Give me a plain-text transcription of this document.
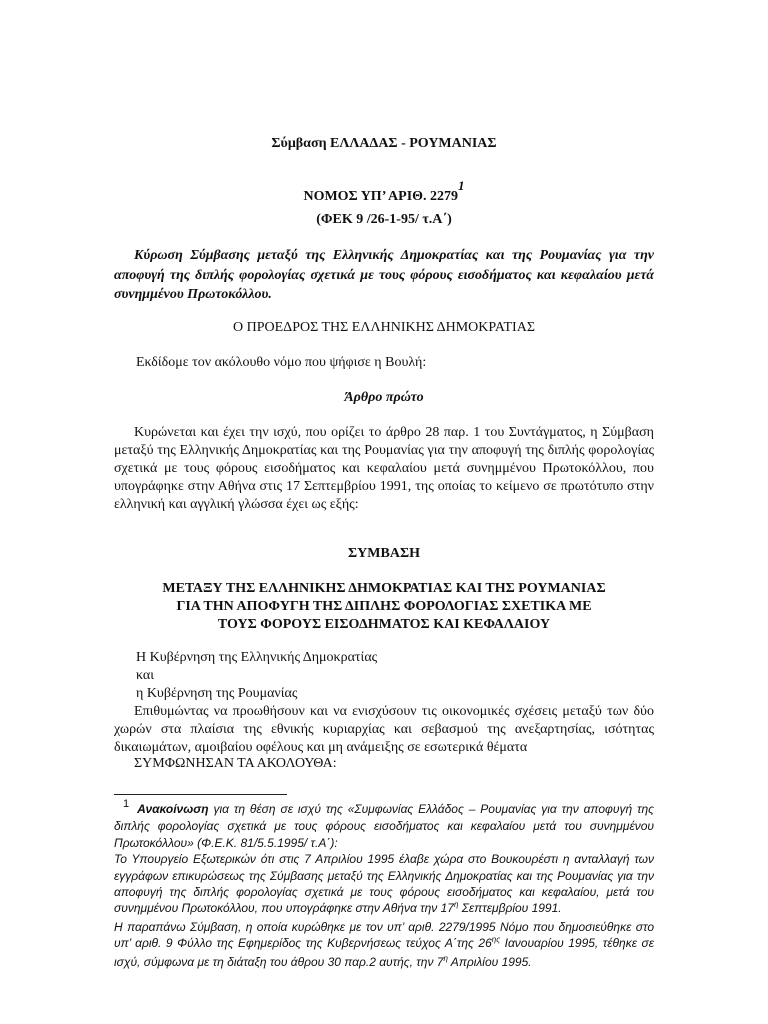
Σύμβαση ΕΛΛΑΔΑΣ - ΡΟΥΜΑΝΙΑΣ
ΝΟΜΟΣ ΥΠ’ ΑΡΙΘ. 22791
(ΦΕΚ 9 /26-1-95/ τ.Α΄)
Κύρωση Σύμβασης μεταξύ της Ελληνικής Δημοκρατίας και της Ρουμανίας για την αποφυγή της διπλής φορολογίας σχετικά με τους φόρους εισοδήματος και κεφαλαίου μετά συνημμένου Πρωτοκόλλου.
Ο ΠΡΟΕΔΡΟΣ ΤΗΣ ΕΛΛΗΝΙΚΗΣ ΔΗΜΟΚΡΑΤΙΑΣ
Εκδίδομε τον ακόλουθο νόμο που ψήφισε η Βουλή:
Άρθρο πρώτο
Κυρώνεται και έχει την ισχύ, που ορίζει το άρθρο 28 παρ. 1 του Συντάγματος, η Σύμβαση μεταξύ της Ελληνικής Δημοκρατίας και της Ρουμανίας για την αποφυγή της διπλής φορολογίας σχετικά με τους φόρους εισοδήματος και κεφαλαίου μετά συνημμένου Πρωτοκόλλου, που υπογράφηκε στην Αθήνα στις 17 Σεπτεμβρίου 1991, της οποίας το κείμενο σε πρωτότυπο στην ελληνική και αγγλική γλώσσα έχει ως εξής:
ΣΥΜΒΑΣΗ
ΜΕΤΑΞΥ ΤΗΣ ΕΛΛΗΝΙΚΗΣ ΔΗΜΟΚΡΑΤΙΑΣ ΚΑΙ ΤΗΣ ΡΟΥΜΑΝΙΑΣ
ΓΙΑ ΤΗΝ ΑΠΟΦΥΓΗ ΤΗΣ ΔΙΠΛΗΣ ΦΟΡΟΛΟΓΙΑΣ ΣΧΕΤΙΚΑ ΜΕ
ΤΟΥΣ ΦΟΡΟΥΣ ΕΙΣΟΔΗΜΑΤΟΣ ΚΑΙ ΚΕΦΑΛΑΙΟΥ
Η Κυβέρνηση της Ελληνικής Δημοκρατίας
και
η Κυβέρνηση της Ρουμανίας
Επιθυμώντας να προωθήσουν και να ενισχύσουν τις οικονομικές σχέσεις μεταξύ των δύο χωρών στα πλαίσια της εθνικής κυριαρχίας και σεβασμού της ανεξαρτησίας, ισότητας δικαιωμάτων, αμοιβαίου οφέλους και μη ανάμειξης σε εσωτερικά θέματα
ΣΥΜΦΩΝΗΣΑΝ ΤΑ ΑΚΟΛΟΥΘΑ:

1 Ανακοίνωση για τη θέση σε ισχύ της «Συμφωνίας Ελλάδος – Ρουμανίας για την αποφυγή της διπλής φορολογίας σχετικά με τους φόρους εισοδήματος και κεφαλαίου μετά του συνημμένου Πρωτοκόλλου» (Φ.Ε.Κ. 81/5.5.1995/ τ.Α΄):

Το Υπουργείο Εξωτερικών ότι στις 7 Απριλίου 1995 έλαβε χώρα στο Βουκουρέστι η ανταλλαγή των εγγράφων επικυρώσεως της Σύμβασης μεταξύ της Ελληνικής Δημοκρατίας και της Ρουμανίας για την αποφυγή της διπλής φορολογίας σχετικά με τους φόρους εισοδήματος και κεφαλαίου, μετά του συνημμένου Πρωτοκόλλου, που υπογράφηκε στην Αθήνα την $17^\eta$ Σεπτεμβρίου 1991.

Η παραπάνω Σύμβαση, η οποία κυρώθηκε με τον υπ’ αριθ. 2279/1995 Νόμο που δημοσιεύθηκε στο υπ’ αριθ. 9 Φύλλο της Εφημερίδος της Κυβερνήσεως τεύχος Α΄της $26^{\eta\varsigma}$ Ιανουαρίου 1995, τέθηκε σε ισχύ, σύμφωνα με τη διάταξη του άθρου 30 παρ.2 αυτής, την $7^\eta$ Απριλίου 1995.
